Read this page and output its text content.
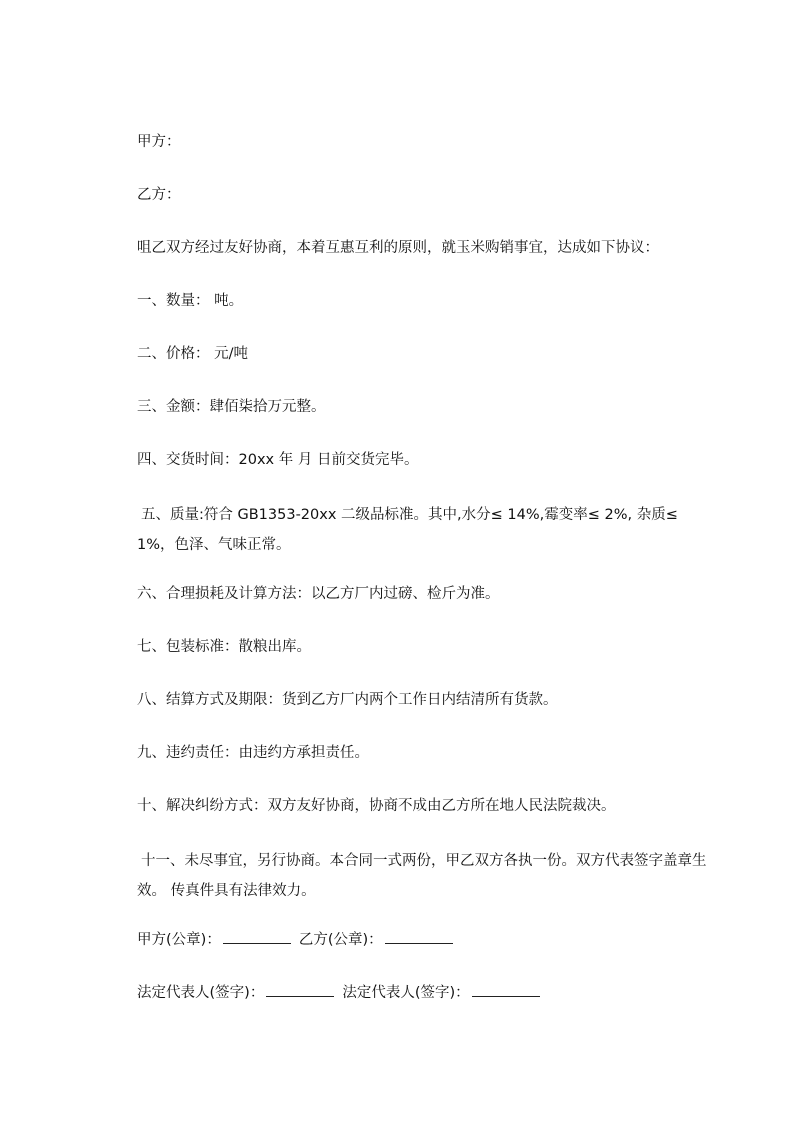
甲方：
乙方：
咀乙双方经过友好协商，本着互惠互利的原则，就玉米购销事宜，达成如下协议：
一、数量： 吨。
二、价格： 元/吨
三、金额：肆佰柒拾万元整。
四、交货时间：20xx 年 月 日前交货完毕。
五、质量:符合 GB1353-20xx 二级品标准。其中,水分≤ 14%,霉变率≤ 2%, 杂质≤1%，色泽、气味正常。
六、合理损耗及计算方法：以乙方厂内过磅、检斤为准。
七、包装标准：散粮出库。
八、结算方式及期限：货到乙方厂内两个工作日内结清所有货款。
九、违约责任：由违约方承担责任。
十、解决纠纷方式：双方友好协商，协商不成由乙方所在地人民法院裁决。
十一、未尽事宜，另行协商。本合同一式两份，甲乙双方各执一份。双方代表签字盖章生效。 传真件具有法律效力。
甲方(公章)：	乙方(公章)：
法定代表人(签字)：	法定代表人(签字)：
